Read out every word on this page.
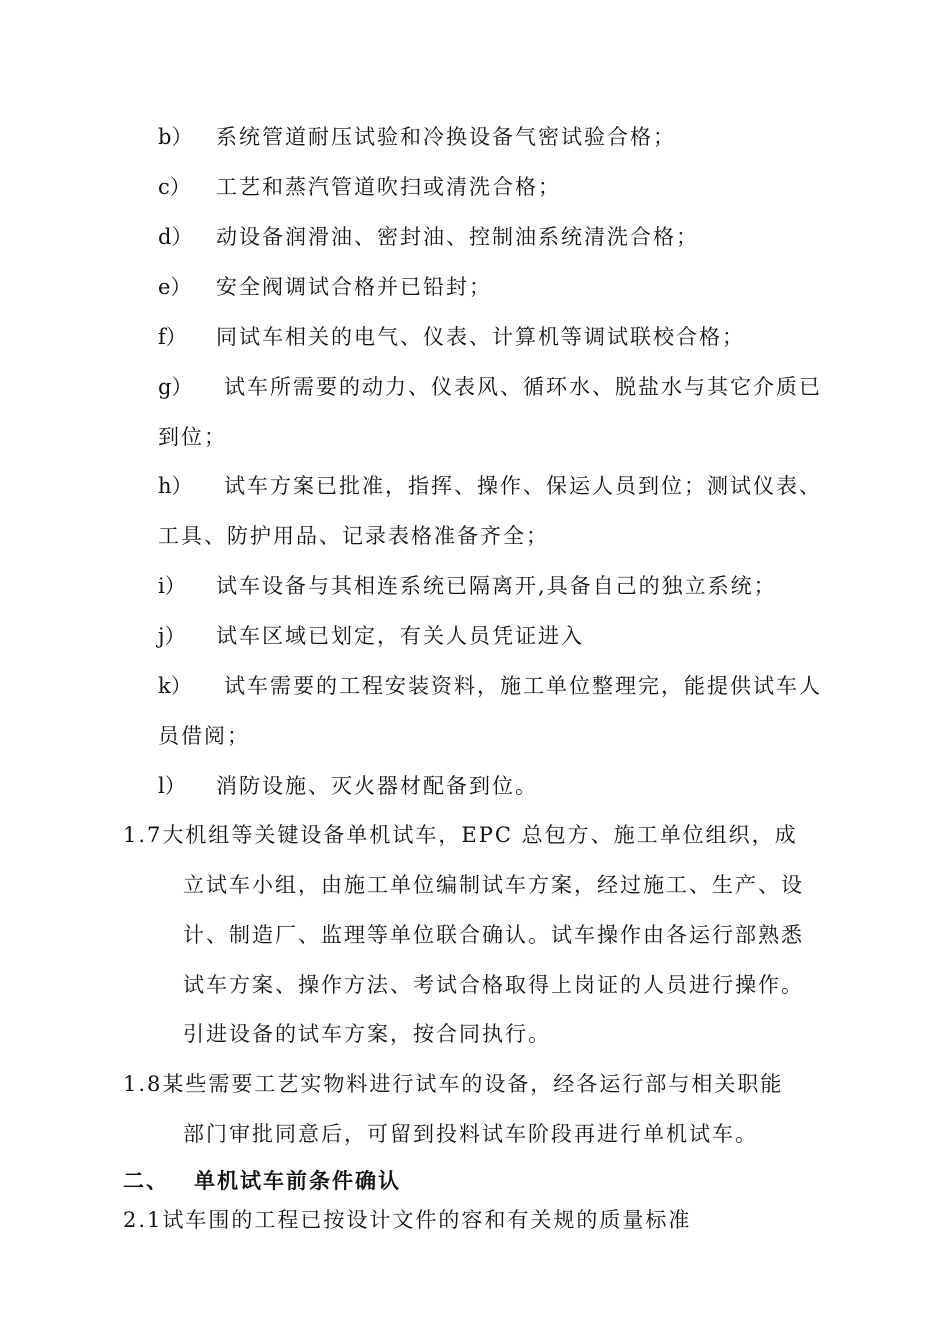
b） 系统管道耐压试验和冷换设备气密试验合格；
c） 工艺和蒸汽管道吹扫或清洗合格；
d） 动设备润滑油、密封油、控制油系统清洗合格；
e） 安全阀调试合格并已铅封；
f） 同试车相关的电气、仪表、计算机等调试联校合格；
g） 试车所需要的动力、仪表风、循环水、脱盐水与其它介质已
到位；
h） 试车方案已批准，指挥、操作、保运人员到位；测试仪表、
工具、防护用品、记录表格准备齐全；
i） 试车设备与其相连系统已隔离开,具备自己的独立系统；
j） 试车区域已划定，有关人员凭证进入
k） 试车需要的工程安装资料，施工单位整理完，能提供试车人
员借阅；
l） 消防设施、灭火器材配备到位。
1.7大机组等关键设备单机试车，EPC 总包方、施工单位组织，成
立试车小组，由施工单位编制试车方案，经过施工、生产、设
计、制造厂、监理等单位联合确认。试车操作由各运行部熟悉
试车方案、操作方法、考试合格取得上岗证的人员进行操作。
引进设备的试车方案，按合同执行。
1.8某些需要工艺实物料进行试车的设备，经各运行部与相关职能
部门审批同意后，可留到投料试车阶段再进行单机试车。
二、 单机试车前条件确认
2.1试车围的工程已按设计文件的容和有关规的质量标准
